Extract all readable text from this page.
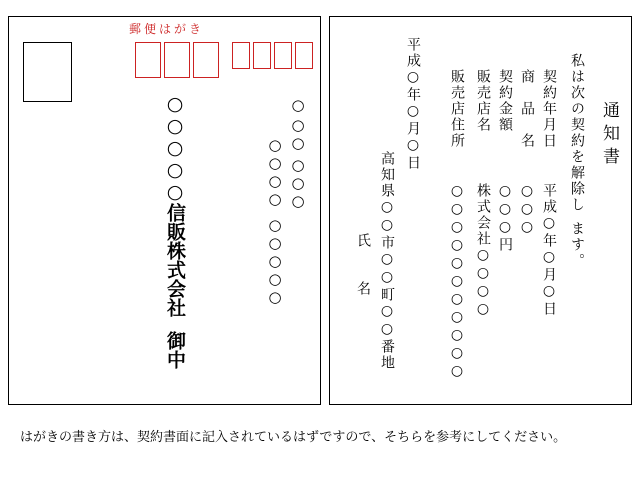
郵便はがき
○
○○
○○○
○○○○
○○○○○
○○○○○信販株式会社
御中
通知書
私は次の契約を解除し
ます。
契約年月日
平成○年○月○日
商　品　名
○○○
契約金額
○○○円
販売店名
株式会社○○○○
販売店住所
○○○○○○○○○○○
平成○年○月○日
高知県○○市○○町○○番地
氏　　名
はがきの書き方は、契約書面に記入されているはずですので、そちらを参考にしてください。
